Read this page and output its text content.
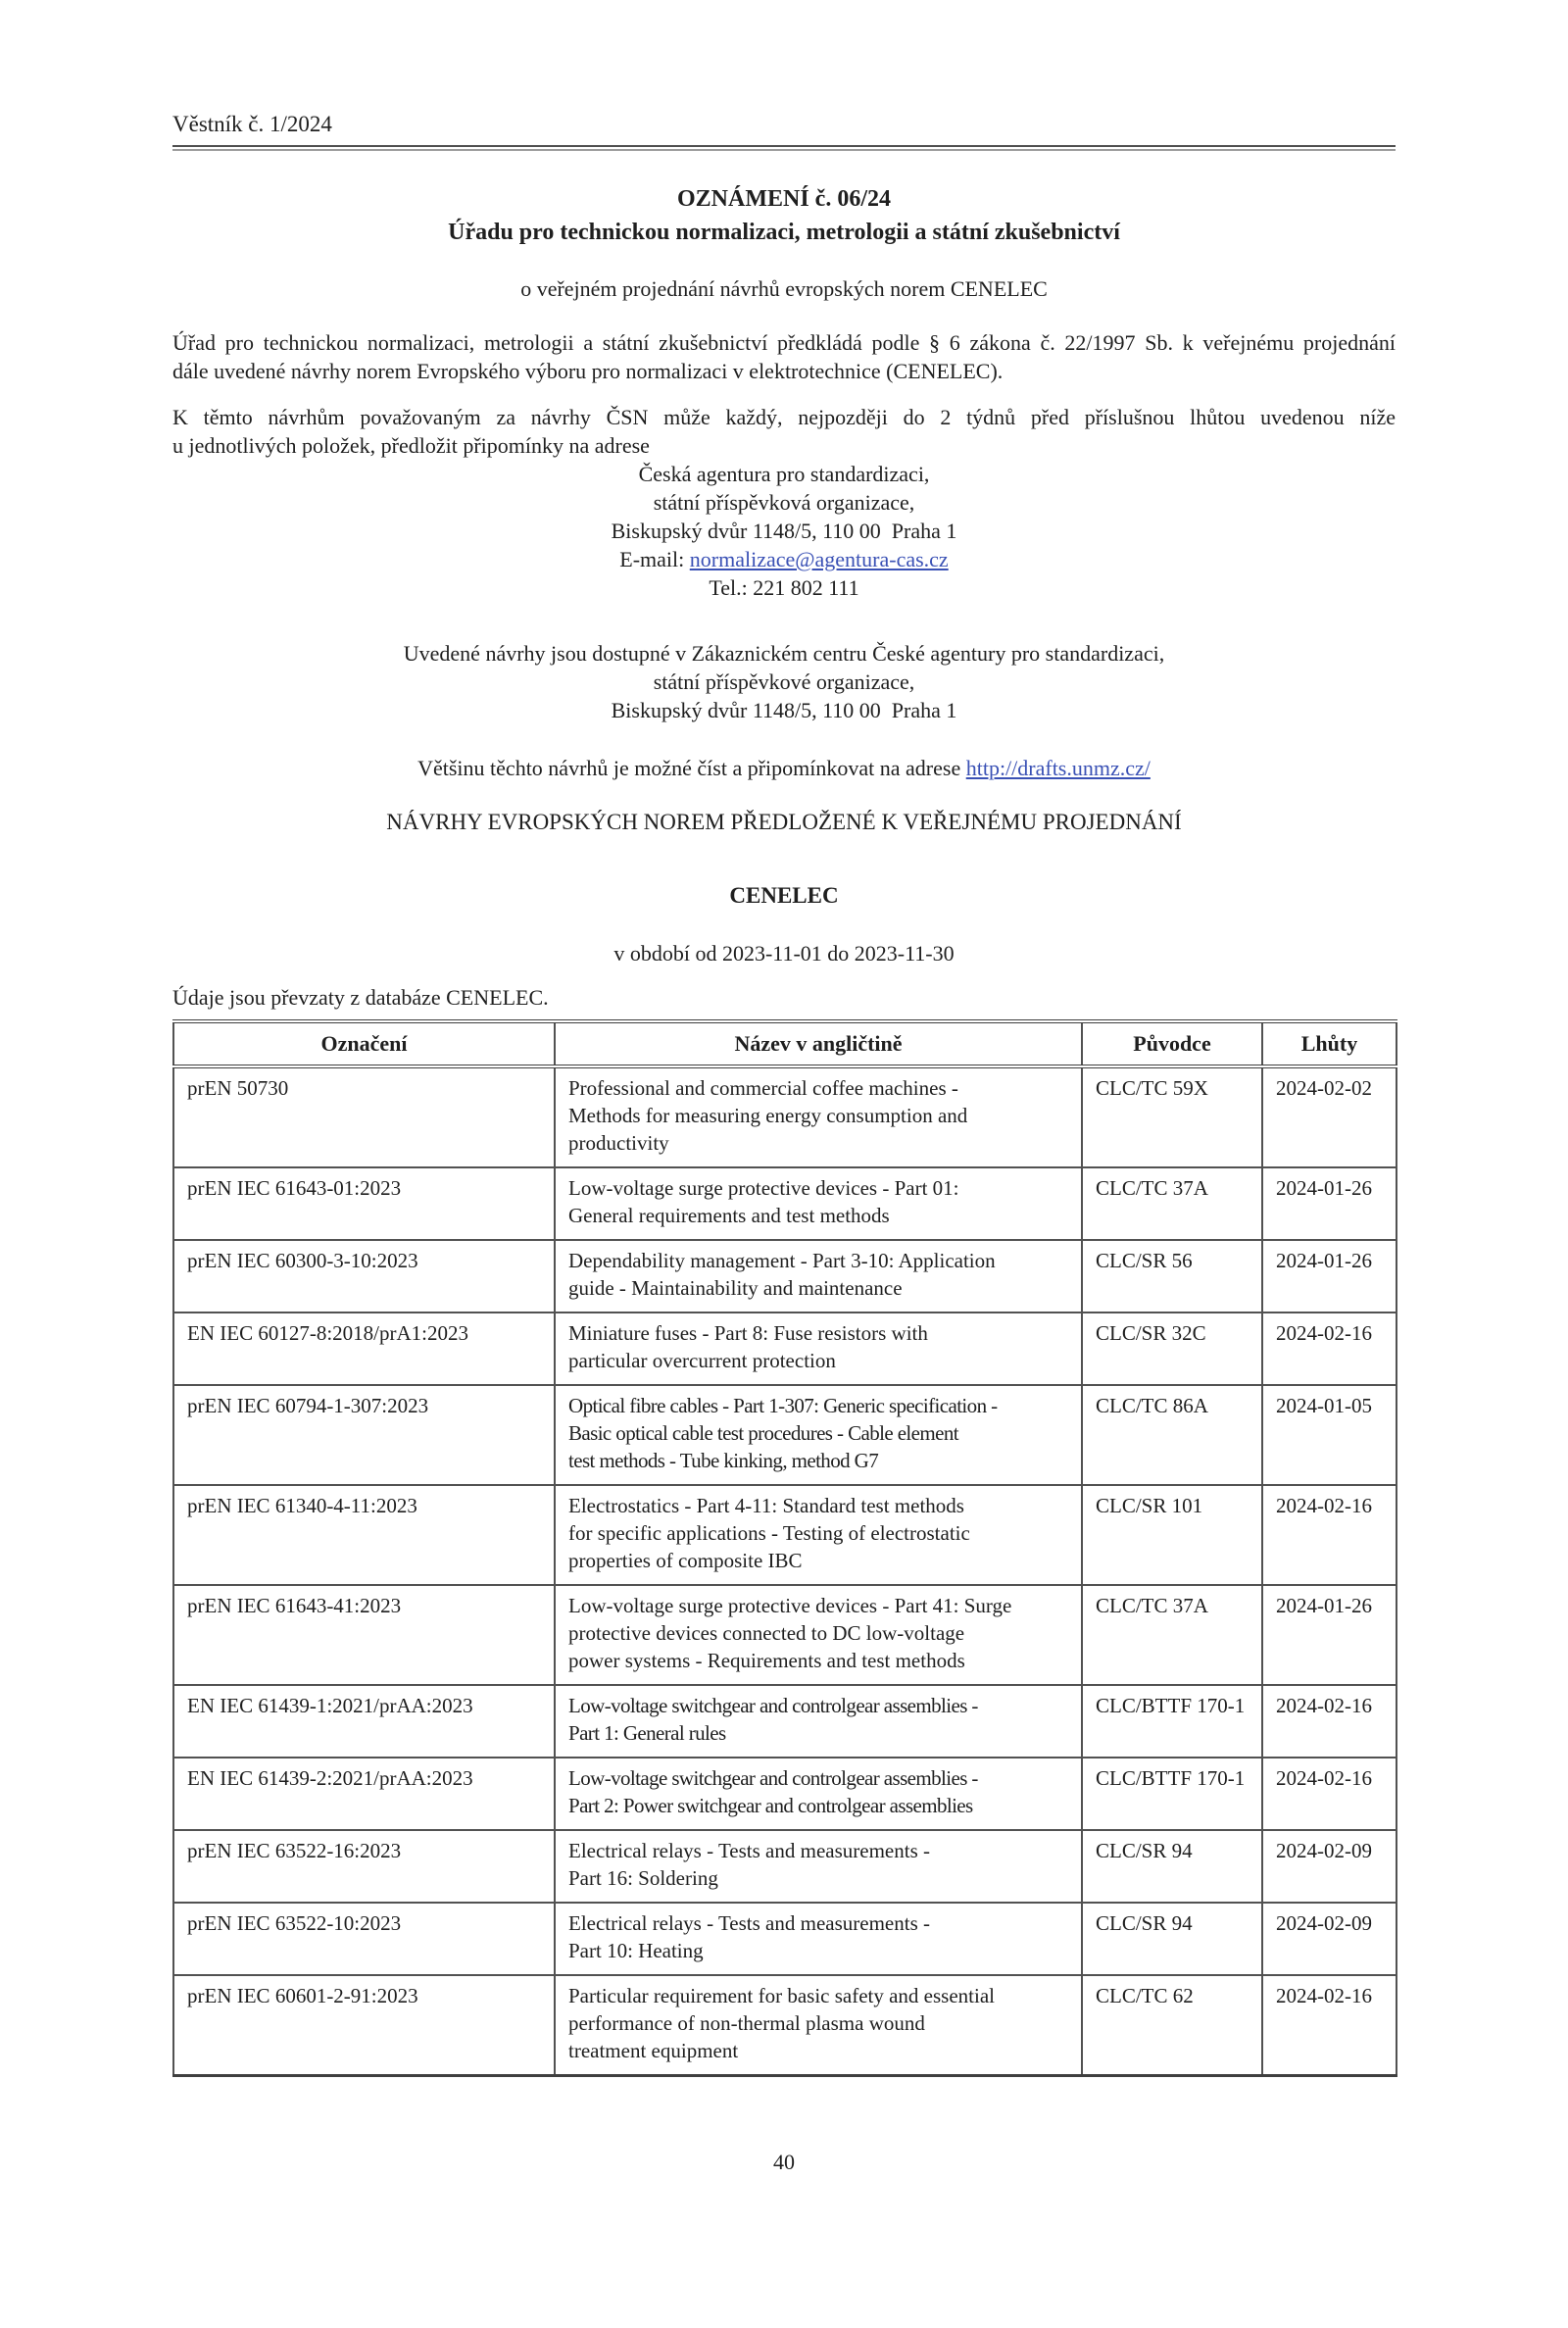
Věstník č. 1/2024
OZNÁMENÍ č. 06/24
Úřadu pro technickou normalizaci, metrologii a státní zkušebnictví
o veřejném projednání návrhů evropských norem CENELEC
Úřad pro technickou normalizaci, metrologii a státní zkušebnictví předkládá podle § 6 zákona č. 22/1997 Sb. k veřejnému projednání
dále uvedené návrhy norem Evropského výboru pro normalizaci v elektrotechnice (CENELEC).
K těmto návrhům považovaným za návrhy ČSN může každý, nejpozději do 2 týdnů před příslušnou lhůtou uvedenou níže
u jednotlivých položek, předložit připomínky na adrese
Česká agentura pro standardizaci,
státní příspěvková organizace,
Biskupský dvůr 1148/5, 110 00  Praha 1
E-mail: normalizace@agentura-cas.cz
Tel.: 221 802 111
Uvedené návrhy jsou dostupné v Zákaznickém centru České agentury pro standardizaci,
státní příspěvkové organizace,
Biskupský dvůr 1148/5, 110 00  Praha 1
Většinu těchto návrhů je možné číst a připomínkovat na adrese http://drafts.unmz.cz/
NÁVRHY EVROPSKÝCH NOREM PŘEDLOŽENÉ K VEŘEJNÉMU PROJEDNÁNÍ
CENELEC
v období od 2023-11-01 do 2023-11-30
Údaje jsou převzaty z databáze CENELEC.
Označení	Název v angličtině	Původce	Lhůty
prEN 50730	Professional and commercial coffee machines -
Methods for measuring energy consumption and
productivity	CLC/TC 59X	2024-02-02
prEN IEC 61643-01:2023	Low-voltage surge protective devices - Part 01:
General requirements and test methods	CLC/TC 37A	2024-01-26
prEN IEC 60300-3-10:2023	Dependability management - Part 3-10: Application
guide - Maintainability and maintenance	CLC/SR 56	2024-01-26
EN IEC 60127-8:2018/prA1:2023	Miniature fuses - Part 8: Fuse resistors with
particular overcurrent protection	CLC/SR 32C	2024-02-16
prEN IEC 60794-1-307:2023	Optical fibre cables - Part 1-307: Generic specification -
Basic optical cable test procedures - Cable element
test methods - Tube kinking, method G7	CLC/TC 86A	2024-01-05
prEN IEC 61340-4-11:2023	Electrostatics - Part 4-11: Standard test methods
for specific applications - Testing of electrostatic
properties of composite IBC	CLC/SR 101	2024-02-16
prEN IEC 61643-41:2023	Low-voltage surge protective devices - Part 41: Surge
protective devices connected to DC low-voltage
power systems - Requirements and test methods	CLC/TC 37A	2024-01-26
EN IEC 61439-1:2021/prAA:2023	Low-voltage switchgear and controlgear assemblies -
Part 1: General rules	CLC/BTTF 170-1	2024-02-16
EN IEC 61439-2:2021/prAA:2023	Low-voltage switchgear and controlgear assemblies -
Part 2: Power switchgear and controlgear assemblies	CLC/BTTF 170-1	2024-02-16
prEN IEC 63522-16:2023	Electrical relays - Tests and measurements -
Part 16: Soldering	CLC/SR 94	2024-02-09
prEN IEC 63522-10:2023	Electrical relays - Tests and measurements -
Part 10: Heating	CLC/SR 94	2024-02-09
prEN IEC 60601-2-91:2023	Particular requirement for basic safety and essential
performance of non-thermal plasma wound
treatment equipment	CLC/TC 62	2024-02-16
40
